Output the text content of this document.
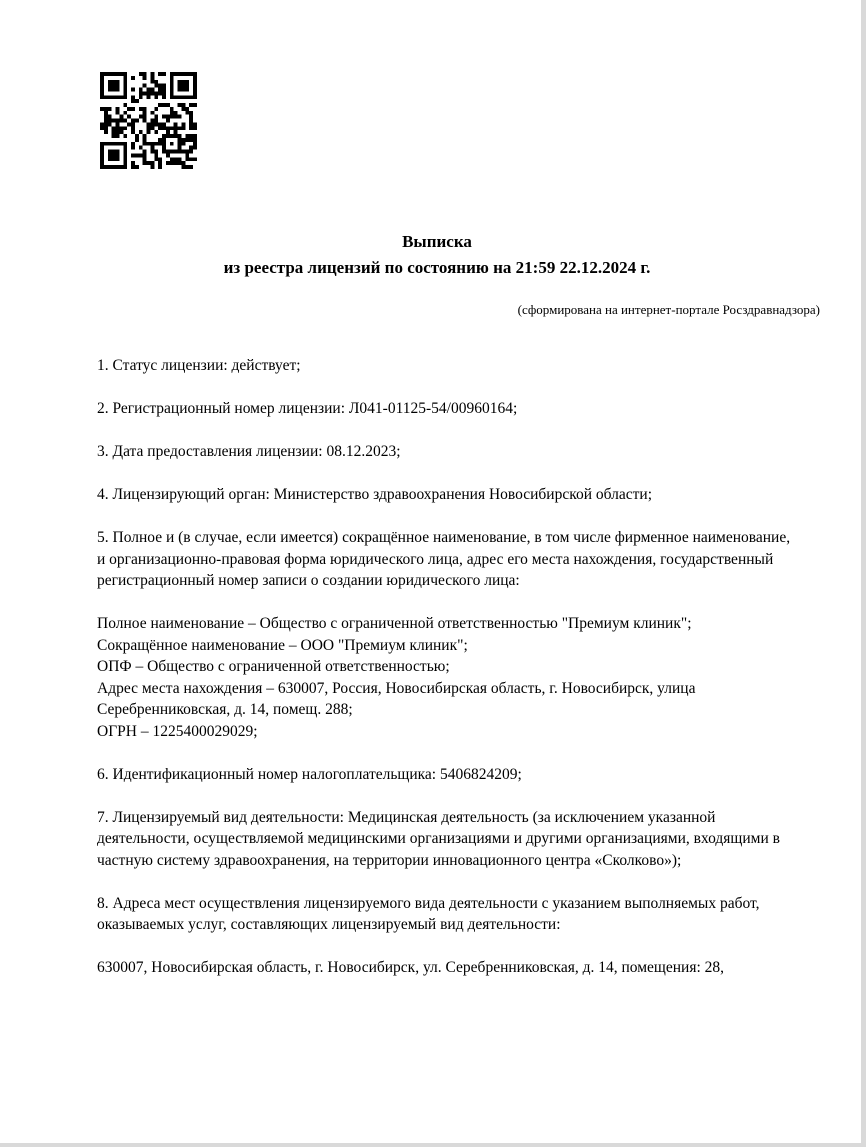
Выписка
из реестра лицензий по состоянию на 21:59 22.12.2024 г.
(сформирована на интернет-портале Росздравнадзора)

1. Статус лицензии: действует;

2. Регистрационный номер лицензии: Л041-01125-54/00960164;

3. Дата предоставления лицензии: 08.12.2023;

4. Лицензирующий орган: Министерство здравоохранения Новосибирской области;

5. Полное и (в случае, если имеется) сокращённое наименование, в том числе фирменное наименование, и организационно-правовая форма юридического лица, адрес его места нахождения, государственный регистрационный номер записи о создании юридического лица:

Полное наименование – Общество с ограниченной ответственностью "Премиум клиник";

Сокращённое наименование – ООО "Премиум клиник";

ОПФ – Общество с ограниченной ответственностью;

Адрес места нахождения – 630007, Россия, Новосибирская область, г. Новосибирск, улица Серебренниковская, д. 14, помещ. 288;

ОГРН – 1225400029029;

6. Идентификационный номер налогоплательщика: 5406824209;

7. Лицензируемый вид деятельности: Медицинская деятельность (за исключением указанной деятельности, осуществляемой медицинскими организациями и другими организациями, входящими в частную систему здравоохранения, на территории инновационного центра «Сколково»);

8. Адреса мест осуществления лицензируемого вида деятельности с указанием выполняемых работ, оказываемых услуг, составляющих лицензируемый вид деятельности:

630007, Новосибирская область, г. Новосибирск, ул. Серебренниковская, д. 14, помещения: 28,
